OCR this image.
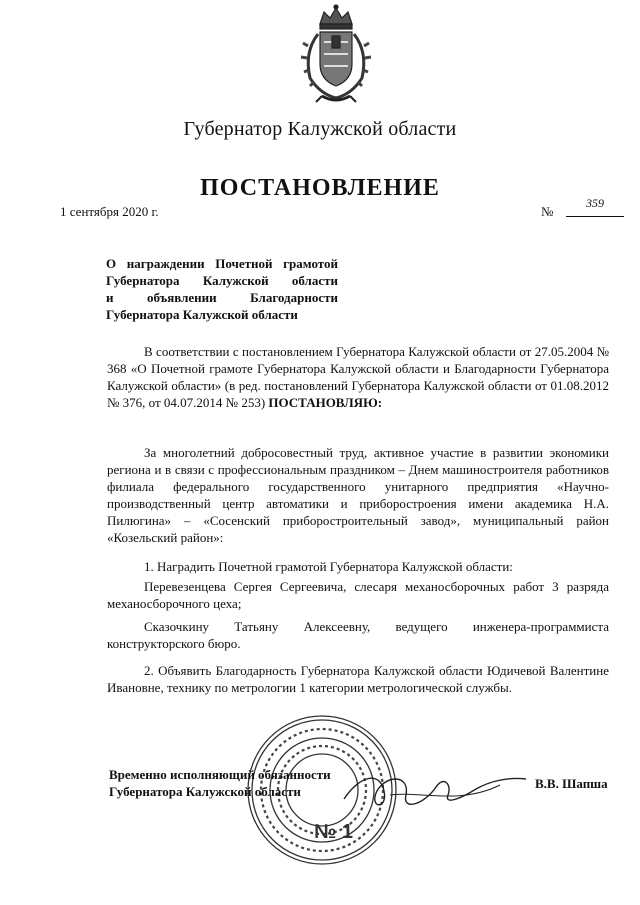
Губернатор Калужской области
ПОСТАНОВЛЕНИЕ
1 сентября 2020 г.	№
359
О награждении Почетной грамотой
Губернатора Калужской области
и объявлении Благодарности
Губернатора Калужской области

В соответствии с постановлением Губернатора Калужской области от 27.05.2004 № 368 «О Почетной грамоте Губернатора Калужской области и Благодарности Губернатора Калужской области» (в ред. постановлений Губернатора Калужской области от 01.08.2012 № 376, от 04.07.2014 № 253) ПОСТАНОВЛЯЮ:

За многолетний добросовестный труд, активное участие в развитии экономики региона и в связи с профессиональным праздником – Днем машиностроителя работников филиала федерального государственного унитарного предприятия «Научно-производственный центр автоматики и приборостроения имени академика Н.А. Пилюгина» – «Сосенский приборостроительный завод», муниципальный район «Козельский район»:

1. Наградить Почетной грамотой Губернатора Калужской области:

Перевезенцева Сергея Сергеевича, слесаря механосборочных работ 3 разряда механосборочного цеха;

Сказочкину Татьяну Алексеевну, ведущего инженера-программиста конструкторского бюро.

2. Объявить Благодарность Губернатора Калужской области Юдичевой Валентине Ивановне, технику по метрологии 1 категории метрологической службы.

№ 1
Временно исполняющий обязанности
Губернатора Калужской области
В.В. Шапша
